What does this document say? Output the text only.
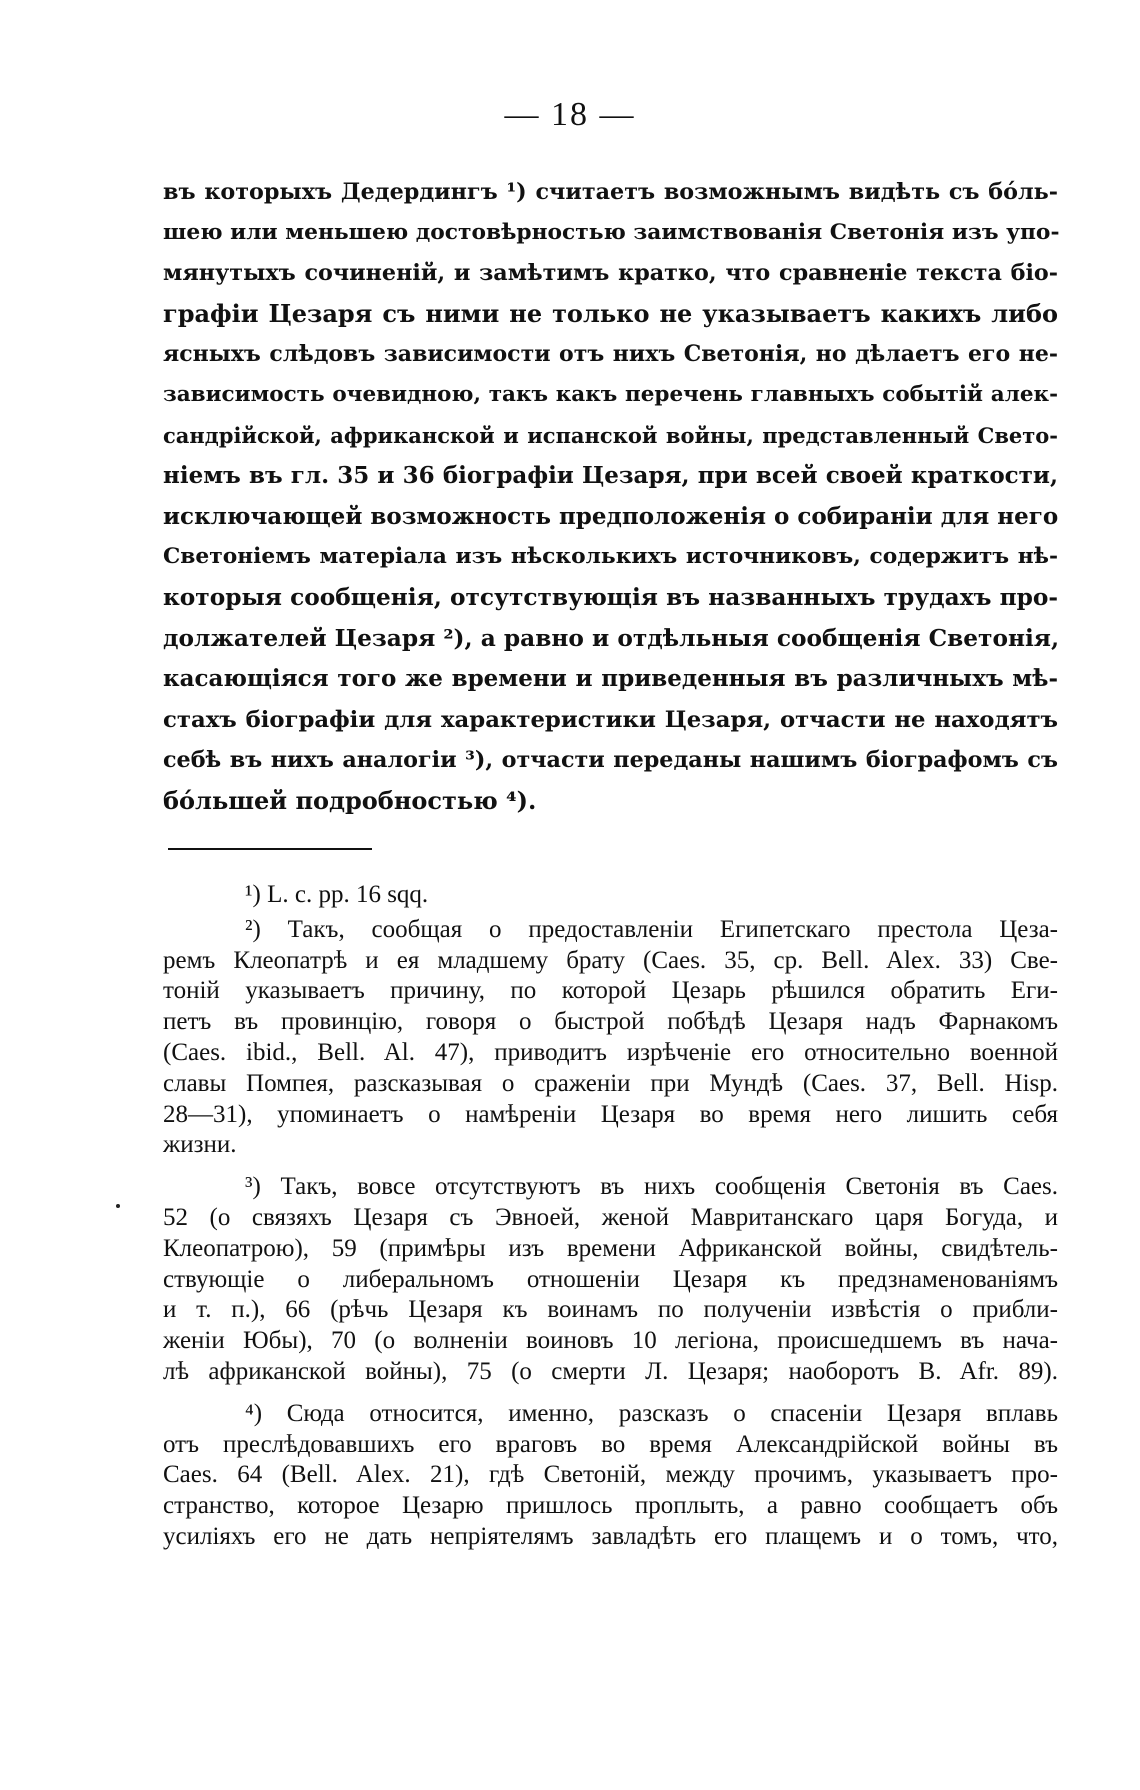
— 18 —
въ которыхъ Дедердингъ ¹) считаетъ возможнымъ видѣть съ бо́ль-
шею или меньшею достовѣрностью заимствованія Светонія изъ упо-
мянутыхъ сочиненій, и замѣтимъ кратко, что сравненіе текста біо-
графіи Цезаря съ ними не только не указываетъ какихъ либо
ясныхъ слѣдовъ зависимости отъ нихъ Светонія, но дѣлаетъ его не-
зависимость очевидною, такъ какъ перечень главныхъ событій алек-
сандрійской, африканской и испанской войны, представленный Свето-
ніемъ въ гл. 35 и 36 біографіи Цезаря, при всей своей краткости,
исключающей возможность предположенія о собираніи для него
Светоніемъ матеріала изъ нѣсколькихъ источниковъ, содержитъ нѣ-
которыя сообщенія, отсутствующія въ названныхъ трудахъ про-
должателей Цезаря ²), а равно и отдѣльныя сообщенія Светонія,
касающіяся того же времени и приведенныя въ различныхъ мѣ-
стахъ біографіи для характеристики Цезаря, отчасти не находятъ
себѣ въ нихъ аналогіи ³), отчасти переданы нашимъ біографомъ съ
бо́льшей подробностью ⁴).
¹) L. c. pp. 16 sqq.
²) Такъ, сообщая о предоставленіи Египетскаго престола Цеза-
ремъ Клеопатрѣ и ея младшему брату (Caes. 35, cp. Bell. Alex. 33) Све-
тоній указываетъ причину, по которой Цезарь рѣшился обратить Еги-
петъ въ провинцію, говоря о быстрой побѣдѣ Цезаря надъ Фарнакомъ
(Caes. ibid., Bell. Al. 47), приводитъ изрѣченіе его относительно военной
славы Помпея, разсказывая о сраженіи при Мундѣ (Caes. 37, Bell. Hisp.
28—31), упоминаетъ о намѣреніи Цезаря во время него лишить себя
жизни.
³) Такъ, вовсе отсутствуютъ въ нихъ сообщенія Светонія въ Caes.
52 (о связяхъ Цезаря съ Эвноей, женой Мавританскаго царя Богуда, и
Клеопатрою), 59 (примѣры изъ времени Африканской войны, свидѣтель-
ствующіе о либеральномъ отношеніи Цезаря къ предзнаменованіямъ
и т. п.), 66 (рѣчь Цезаря къ воинамъ по полученіи извѣстія о прибли-
женіи Юбы), 70 (о волненіи воиновъ 10 легіона, происшедшемъ въ нача-
лѣ африканской войны), 75 (о смерти Л. Цезаря; наоборотъ B. Afr. 89).
⁴) Сюда относится, именно, разсказъ о спасеніи Цезаря вплавь
отъ преслѣдовавшихъ его враговъ во время Александрійской войны въ
Caes. 64 (Bell. Alex. 21), гдѣ Светоній, между прочимъ, указываетъ про-
странство, которое Цезарю пришлось проплыть, а равно сообщаетъ объ
усиліяхъ его не дать непріятелямъ завладѣть его плащемъ и о томъ, что,
